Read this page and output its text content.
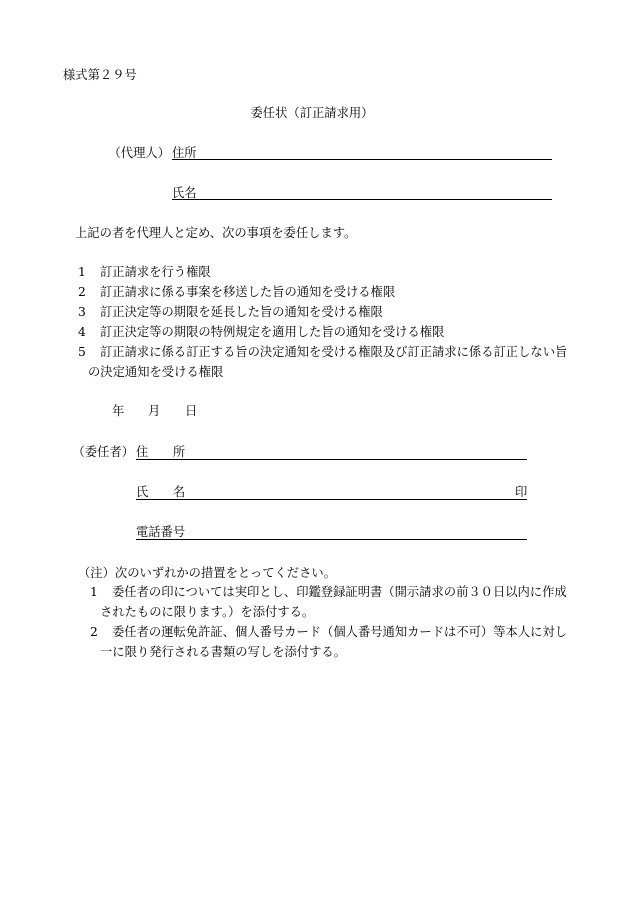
様式第２９号
委任状（訂正請求用）
（代理人） 住所
氏名
上記の者を代理人と定め、次の事項を委任します。
1 訂正請求を行う権限
2 訂正請求に係る事案を移送した旨の通知を受ける権限
3 訂正決定等の期限を延長した旨の通知を受ける権限
4 訂正決定等の期限の特例規定を適用した旨の通知を受ける権限
5 訂正請求に係る訂正する旨の決定通知を受ける権限及び訂正請求に係る訂正しない旨
の決定通知を受ける権限
年 月 日
（委任者） 住　　所
氏　　名	印
電話番号
（注）次のいずれかの措置をとってください。
1 委任者の印については実印とし、印鑑登録証明書（開示請求の前３０日以内に作成
されたものに限ります。）を添付する。
2 委任者の運転免許証、個人番号カード（個人番号通知カードは不可）等本人に対し
一に限り発行される書類の写しを添付する。
